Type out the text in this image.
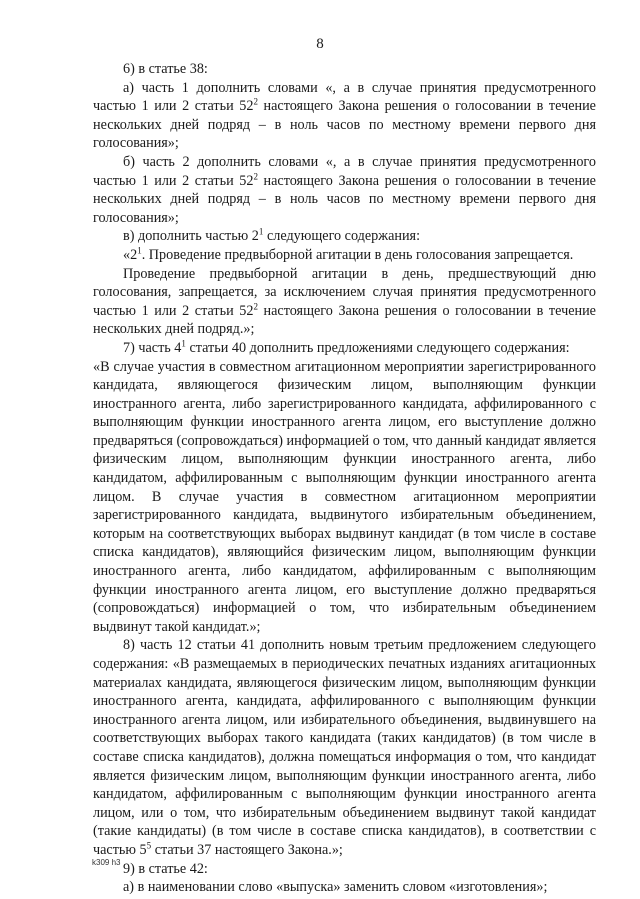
8

6) в статье 38:

а) часть 1 дополнить словами «, а в случае принятия предусмотренного частью 1 или 2 статьи $52^2$ настоящего Закона решения о голосовании в течение нескольких дней подряд – в ноль часов по местному времени первого дня голосования»;

б) часть 2 дополнить словами «, а в случае принятия предусмотренного частью 1 или 2 статьи $52^2$ настоящего Закона решения о голосовании в течение нескольких дней подряд – в ноль часов по местному времени первого дня голосования»;

в) дополнить частью $2^1$ следующего содержания:

«$2^1$. Проведение предвыборной агитации в день голосования запрещается.

Проведение предвыборной агитации в день, предшествующий дню голосования, запрещается, за исключением случая принятия предусмотренного частью 1 или 2 статьи $52^2$ настоящего Закона решения о голосовании в течение нескольких дней подряд.»;

7) часть $4^1$ статьи 40 дополнить предложениями следующего содержания:

«В случае участия в совместном агитационном мероприятии зарегистрированного кандидата, являющегося физическим лицом, выполняющим функции иностранного агента, либо зарегистрированного кандидата, аффилированного с выполняющим функции иностранного агента лицом, его выступление должно предваряться (сопровождаться) информацией о том, что данный кандидат является физическим лицом, выполняющим функции иностранного агента, либо кандидатом, аффилированным с выполняющим функции иностранного агента лицом. В случае участия в совместном агитационном мероприятии зарегистрированного кандидата, выдвинутого избирательным объединением, которым на соответствующих выборах выдвинут кандидат (в том числе в составе списка кандидатов), являющийся физическим лицом, выполняющим функции иностранного агента, либо кандидатом, аффилированным с выполняющим функции иностранного агента лицом, его выступление должно предваряться (сопровождаться) информацией о том, что избирательным объединением выдвинут такой кандидат.»;

8) часть 12 статьи 41 дополнить новым третьим предложением следующего содержания: «В размещаемых в периодических печатных изданиях агитационных материалах кандидата, являющегося физическим лицом, выполняющим функции иностранного агента, кандидата, аффилированного с выполняющим функции иностранного агента лицом, или избирательного объединения, выдвинувшего на соответствующих выборах такого кандидата (таких кандидатов) (в том числе в составе списка кандидатов), должна помещаться информация о том, что кандидат является физическим лицом, выполняющим функции иностранного агента, либо кандидатом, аффилированным с выполняющим функции иностранного агента лицом, или о том, что избирательным объединением выдвинут такой кандидат (такие кандидаты) (в том числе в составе списка кандидатов), в соответствии с частью $5^5$ статьи 37 настоящего Закона.»;

9) в статье 42:

а) в наименовании слово «выпуска» заменить словом «изготовления»;

k309 h3
